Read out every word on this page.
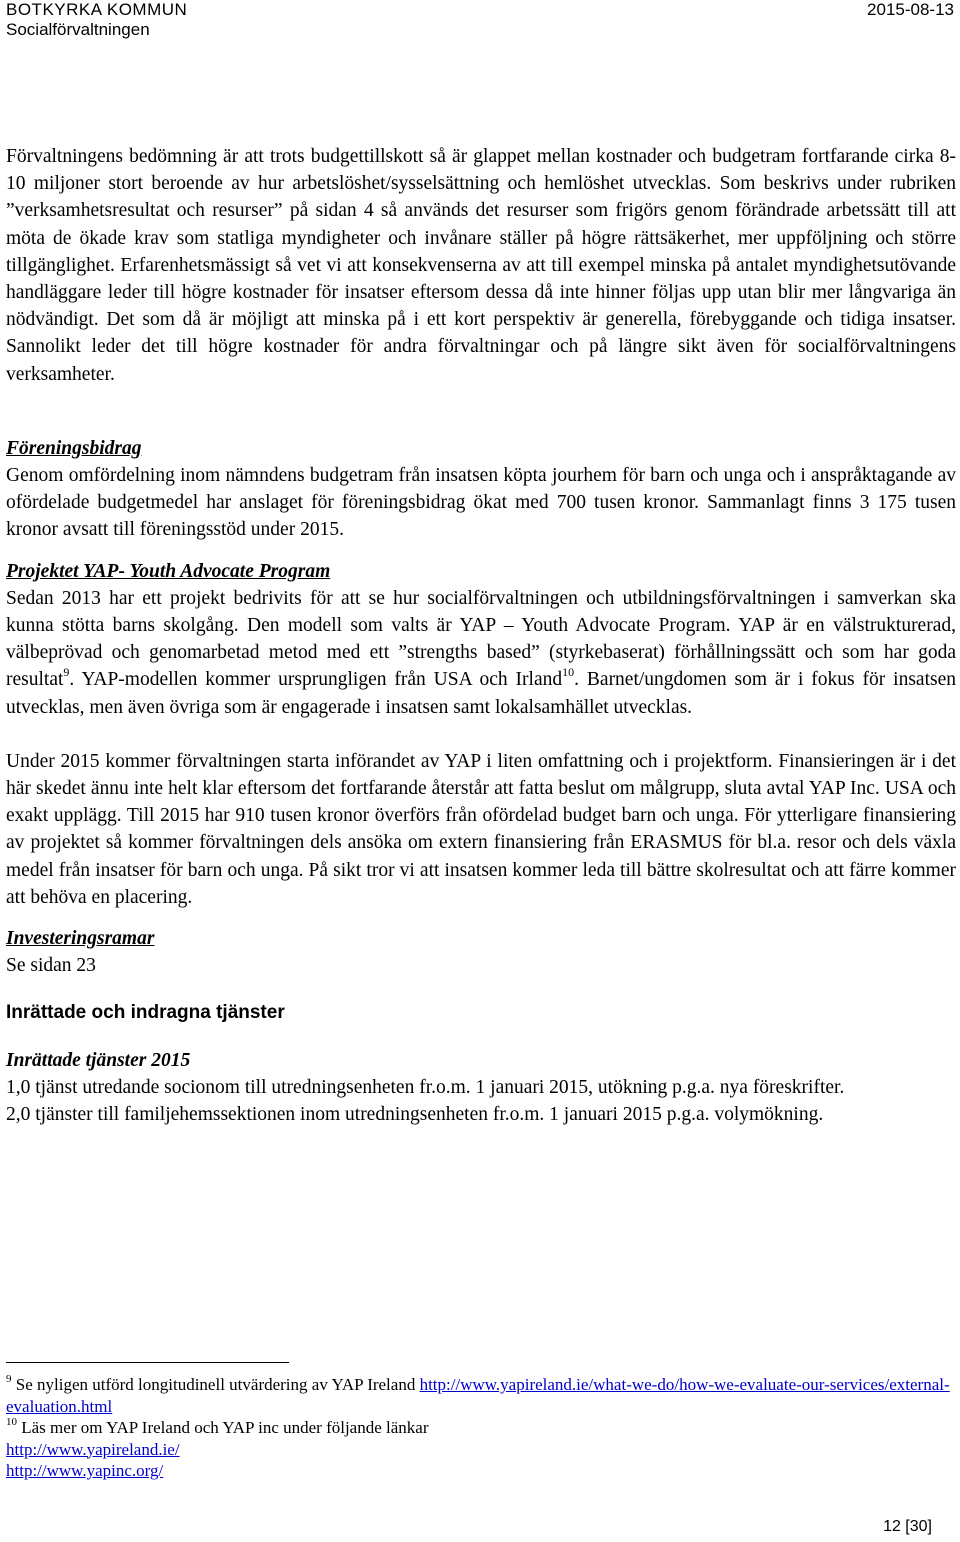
BOTKYRKA KOMMUN
Socialförvaltningen
2015-08-13

Förvaltningens bedömning är att trots budgettillskott så är glappet mellan kostnader och budgetram fortfarande cirka 8-10 miljoner stort beroende av hur arbetslöshet/sysselsättning och hemlöshet utvecklas. Som beskrivs under rubriken ”verksamhetsresultat och resurser” på sidan 4 så används det resurser som frigörs genom förändrade arbetssätt till att möta de ökade krav som statliga myndigheter och invånare ställer på högre rättsäkerhet, mer uppföljning och större tillgänglighet. Erfarenhetsmässigt så vet vi att konsekvenserna av att till exempel minska på antalet myndighetsutövande handläggare leder till högre kostnader för insatser eftersom dessa då inte hinner följas upp utan blir mer långvariga än nödvändigt. Det som då är möjligt att minska på i ett kort perspektiv är generella, förebyggande och tidiga insatser. Sannolikt leder det till högre kostnader för andra förvaltningar och på längre sikt även för socialförvaltningens verksamheter.

Föreningsbidrag

Genom omfördelning inom nämndens budgetram från insatsen köpta jourhem för barn och unga och i anspråktagande av ofördelade budgetmedel har anslaget för föreningsbidrag ökat med 700 tusen kronor. Sammanlagt finns 3 175 tusen kronor avsatt till föreningsstöd under 2015.

Projektet YAP- Youth Advocate Program

Sedan 2013 har ett projekt bedrivits för att se hur socialförvaltningen och utbildningsförvaltningen i samverkan ska kunna stötta barns skolgång. Den modell som valts är YAP – Youth Advocate Program. YAP är en välstrukturerad, välbeprövad och genomarbetad metod med ett ”strengths based” (styrkebaserat) förhållningssätt och som har goda resultat$^9$. YAP-modellen kommer ursprungligen från USA och Irland$^{10}$. Barnet/ungdomen som är i fokus för insatsen utvecklas, men även övriga som är engagerade i insatsen samt lokalsamhället utvecklas.

Under 2015 kommer förvaltningen starta införandet av YAP i liten omfattning och i projektform. Finansieringen är i det här skedet ännu inte helt klar eftersom det fortfarande återstår att fatta beslut om målgrupp, sluta avtal YAP Inc. USA och exakt upplägg. Till 2015 har 910 tusen kronor överförs från ofördelad budget barn och unga. För ytterligare finansiering av projektet så kommer förvaltningen dels ansöka om extern finansiering från ERASMUS för bl.a. resor och dels växla medel från insatser för barn och unga. På sikt tror vi att insatsen kommer leda till bättre skolresultat och att färre kommer att behöva en placering.

Investeringsramar

Se sidan 23

Inrättade och indragna tjänster

Inrättade tjänster 2015

1,0 tjänst utredande socionom till utredningsenheten fr.o.m. 1 januari 2015, utökning p.g.a. nya föreskrifter.

2,0 tjänster till familjehemssektionen inom utredningsenheten fr.o.m. 1 januari 2015 p.g.a. volymökning.

$^9$ Se nyligen utförd longitudinell utvärdering av YAP Ireland http://www.yapireland.ie/what-we-do/how-we-evaluate-our-services/external-evaluation.html

$^{10}$ Läs mer om YAP Ireland och YAP inc under följande länkar

http://www.yapireland.ie/

http://www.yapinc.org/

12 [30]
